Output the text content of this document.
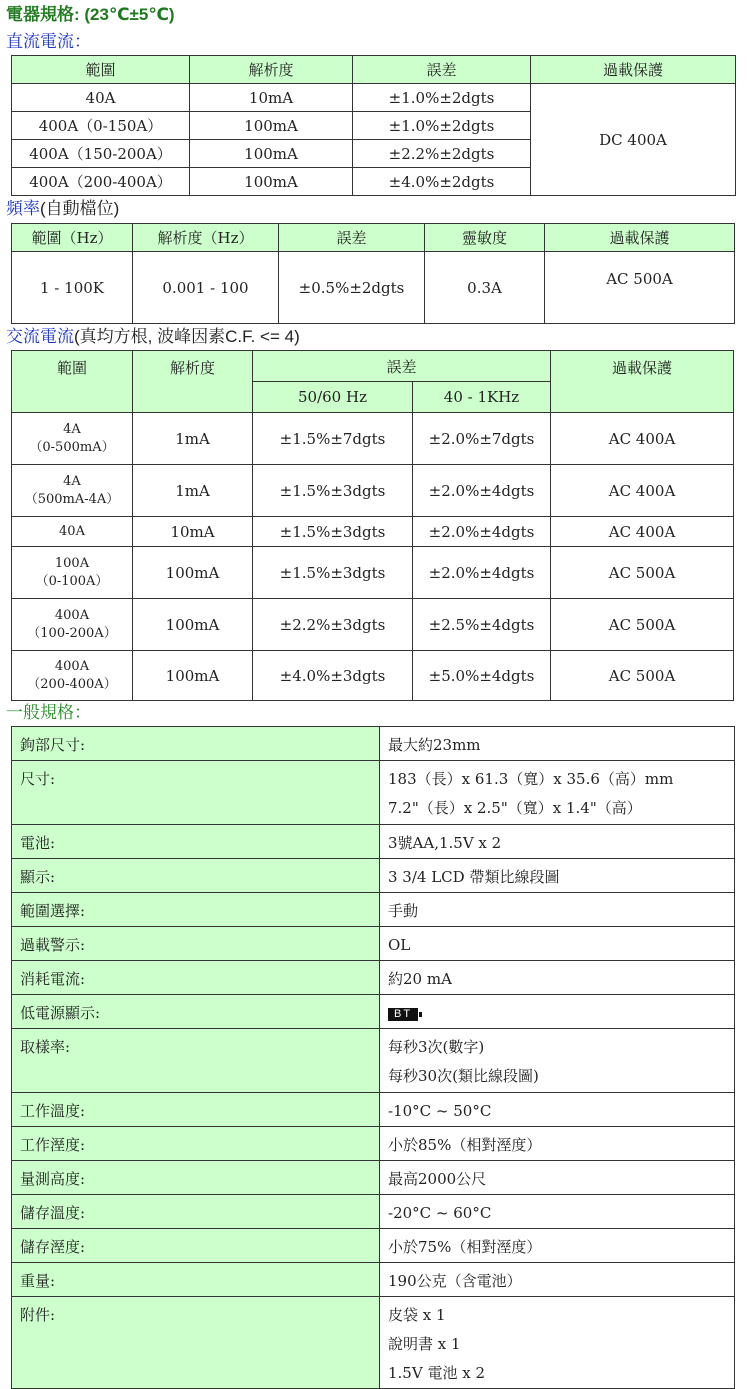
電器規格: (23℃±5℃)
直流電流：
範圍	解析度	誤差	過載保護
40A	10mA	±1.0%±2dgts	DC 400A
400A（0-150A）	100mA	±1.0%±2dgts	
400A（150-200A）	100mA	±2.2%±2dgts	
400A（200-400A）	100mA	±4.0%±2dgts	
頻率(自動檔位)
範圍（Hz）	解析度（Hz）	誤差	靈敏度	過載保護
1 - 100K	0.001 - 100	±0.5%±2dgts	0.3A	AC 500A
交流電流(真均方根, 波峰因素C.F. <= 4)
範圍	解析度	誤差		過載保護
		50/60 Hz	40 - 1KHz	

4A
（0-500mA）	1mA	±1.5%±7dgts	±2.0%±7dgts	AC 400A

4A
（500mA-4A）	1mA	±1.5%±3dgts	±2.0%±4dgts	AC 400A
40A	10mA	±1.5%±3dgts	±2.0%±4dgts	AC 400A

100A
（0-100A）	100mA	±1.5%±3dgts	±2.0%±4dgts	AC 500A

400A
（100-200A）	100mA	±2.2%±3dgts	±2.5%±4dgts	AC 500A

400A
（200-400A）	100mA	±4.0%±3dgts	±5.0%±4dgts	AC 500A
一般規格：
鉤部尺寸:	最大約23mm
尺寸:	183（長）x 61.3（寬）x 35.6（高）mm
7.2"（長）x 2.5"（寬）x 1.4"（高）

電池:	3號AA,1.5V x 2
顯示:	3 3/4 LCD 帶類比線段圖
範圍選擇:	手動
過載警示:	OL
消耗電流:	約20 mA
低電源顯示:	BT
取樣率:	每秒3次(數字)
每秒30次(類比線段圖)

工作溫度:	-10°C ~ 50°C
工作溼度:	小於85%（相對溼度）
量測高度:	最高2000公尺
儲存溫度:	-20°C ~ 60°C
儲存溼度:	小於75%（相對溼度）
重量:	190公克（含電池）
附件:	皮袋 x 1
說明書 x 1
1.5V 電池 x 2
